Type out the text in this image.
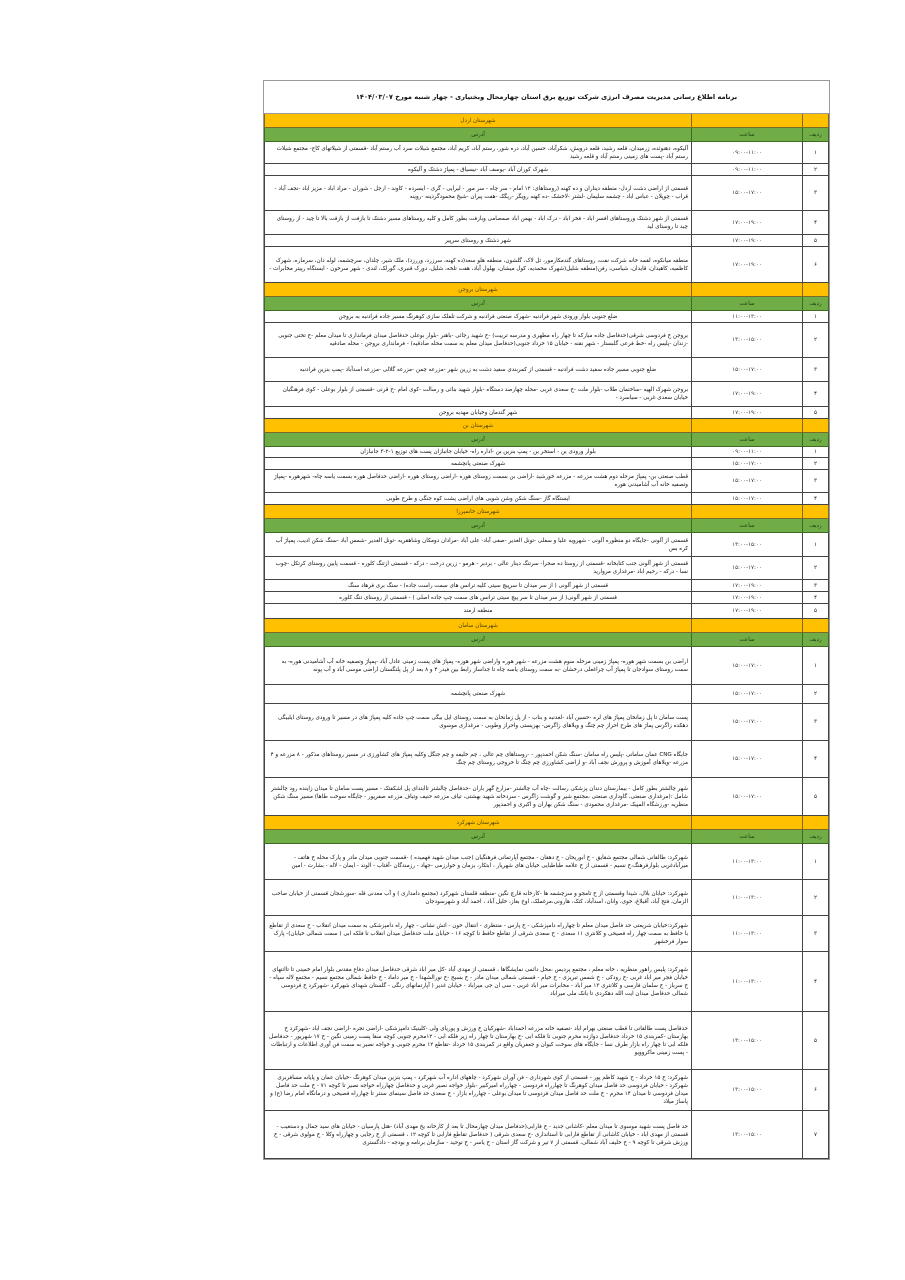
برنامه اطلاع رسانی مدیریت مصرف انرژی شرکت توزیع برق استان چهارمحال وبختیاری - چهار شنبه مورخ ۱۴۰۴/۰۳/۰۷		
		شهرستان اردل
ردیف	ساعت	آدرس
۱	۰۹:۰۰-۱۱:۰۰	آلیکوه، دهنوئده، زرمیدان، قلعه رشید، قلعه درویش، شکرآباد، حسین آباد، دره شور، رستم آباد، کریم آباد، مجتمع شیلات سرد آب رستم آباد -قسمتی از شیلاتهای کاج- مجتمع شیلات رستم آباد -پست های زمینی رستم آباد و قلعه رشید
۲	۰۹:۰۰-۱۱:۰۰	شهرک کوران آباد -یوسف آباد -نیسیاق - پمپاژ دشتک و آلیکوه
۳	۱۵:۰۰-۱۷:۰۰	قسمتی از اراضی دشت اردل- منطقه دیناران و ده کهنه (روستاهای: ۱۲ امام - سر چاه - سر مور - لیرایی - گری - ایسرده - کاوند - ارجل - شوران - مراد اباد - مزیز اباد -نجف آباد - قراب - چوپلان - عباس اباد - چشمه سلیمان -لشتر -لاخشک -ده کهنه رویگر -ریگک -هفت پیران -شیخ محمودگردینه -روینه
۴	۱۷:۰۰-۱۹:۰۰	قسمتی از شهر دشتک وروستاهای افسر اباد - فخر اباد - درک اباد - بهمن اباد صمصامی وبازفت بطور کامل و کلیه روستاهای مسیر دشتک تا بازفت از بازفت بالا تا چید - از روستای چید تا روستای لید
۵	۱۷:۰۰-۱۹:۰۰	شهر دشتک و روستای سرپیر
۶	۱۷:۰۰-۱۹:۰۰	منطقه میانکوه، لقمه خانه شرکت نفت، روستاهای گندمکارمور، تل لاک، گلشون، منطقه هلو سعد(ده کهنه، سرزرد، وررزد)، ملک شیر، چلدان، سرچشمه، لوله دان، سرماره، شهرک کاظمیه، کاهیدان، قایدان، شیاسی، رفن(منطقه شلیل(شهرک محمدیه، کول میشان، بهلول آباد، هفت تلخه، شلیل، دورک قنبری، گورلک، لندی - شهر سرخون - ایستگاه رپیتر مخابرات -
		شهرستان بروجن
ردیف	ساعت	آدرس
۱	۱۱:۰۰-۱۳:۰۰	ضلع جنوبی بلوار ورودی شهر فرادنبه -شهرک صنعتی فرادنبه و شرکت تلفلک سازی کوهرنگ مسیر جاده فرادنبه به بروجن
۲	۱۳:۰۰-۱۵:۰۰	بروجن خ فردوسی شرقی(حدفاصل جاده مبارکه تا چهار راه مطهری و مدرسه تربیت) -خ شهید رجائی -باهنر -بلوار بوعلی حدفاصل میدان فرمانداری تا میدان معلم -خ تختی جنوبی -زندان -پلیس راه -خط فرعی گلبستار - شهر نقنه - خیابان ۱۵ خرداد جنوبی(حدفاصل میدان معلم به سمت محله صادقیه) - فرمانداری بروجن - محله صادقیه
۳	۱۵:۰۰-۱۷:۰۰	ضلع جنوبی مسیر جاده سفید دشت فرادنبه - قسمتی از کمربندی سفید دشت به زرین شهر -مزرعه چمن -مزرعه گلالی -مزرعه اسدآباد -پمپ بنزین فرادنبه
۴	۱۷:۰۰-۱۹:۰۰	بروجن شهرک الهیه -ساختمان طلاب -بلوار ملت -خ سعدی غربی -محله چهارصد دستگاه -بلوار شهید بنائی و رسالت -کوی امام -خ قرنی -قسمتی از بلوار بوعلی - کوی فرهنگیان خیابان سعدی غربی - سیاسرد -
۵	۱۷:۰۰-۱۹:۰۰	شهر گندمان وخیابان مهدیه بروجن
		شهرستان بن
ردیف	ساعت	آدرس
۱	۰۹:۰۰-۱۱:۰۰	بلوار ورودی بن - استخر بن - پمپ بنزین بن -اداره راه- خیابان جانبازان پست های توزیع ۱-۲-۳ جانبازان
۲	۱۵:۰۰-۱۷:۰۰	شهرک صنعتی پانچشمه
۳	۱۵:۰۰-۱۷:۰۰	قطب صنعتی بن- پمپاژ مرحله دوم هشت مزرعه - مزرعه خورشید -اراضی بن بسمت روستای هوره -اراضی روستای هوره -اراضی حدفاصل هوره بسمت یاسه چاه- شهرهوره -پمپاژ وتصفیه خانه آب آشامیدنی هوره
۴	۱۵:۰۰-۱۷:۰۰	ایستگاه گاز -سنگ شکن وشن شویی های اراضی پشت کوه جنگی و طرح طوبی
		شهرستان خانمیرزا
ردیف	ساعت	آدرس
۱	۱۳:۰۰-۱۵:۰۰	قسمتی از آلونی -جایگاه دو منظوره آلونی - شهرویه علیا و سفلی -تونل الغدیر -صفی آباد- علی آباد -مرادان دومکان وشاهقریه -تونل الغدیر -شمس آباد -سنگ شکن ادیب، پمپاژ آب کره بس
۲	۱۵:۰۰-۱۷:۰۰	قسمتی از شهر آلونی جنب کتابخانه -قسمتی از روستا ده صحرا- سرتنگ دینار عالی - بردبر - هرمو - زرین درخت - درکه - قسمتی ازتنگ کلوره - قسمت پایین روستای کرتکل -چوب نسا - درکه - رحیم اباد -مرغداری مروارید
۳	۱۷:۰۰-۱۹:۰۰	قسمتی از شهر آلونی ( از سر میدان تا سرپیچ سیتی کلیه ترانس های سمت راست جاده) - سنگ بری فرهاد سنگ
۴	۱۷:۰۰-۱۹:۰۰	قسمتی از شهر آلونی( از سر میدان تا سر پیچ سیتی ترانس های سمت چپ جاده اصلی ) - قسمتی از روستای تنگ کلوره
۵	۱۷:۰۰-۱۹:۰۰	منطقه ارمند
		شهرستان سامان
ردیف	ساعت	آدرس
۱	۱۵:۰۰-۱۷:۰۰	اراضی بن بسمت شهر هوره- پمپاژ زمینی مرحله سوم هشت مزرعه - شهر هوره واراضی شهر هوره- پمپاژ های پست زمینی عادل آباد -پمپاژ وتصفیه خانه آب آشامیدنی هوره- به سمت روستای سوادجان تا پمپاژ آب چراغعلی درخشان -به سمت روستای یاسه چاه تا جداساز رابط بین فیدر ۴ و ۸ بعد از پل پلنگستان اراضی موسی آباد و آب پونه
۲	۱۵:۰۰-۱۷:۰۰	شهرک صنعتی پانچشمه
۳	۱۵:۰۰-۱۷:۰۰	پست سامان تا پل زمانخان پمپاژ های لره -حسین آباد -لغدنبه و بناب - از پل زمانخان به سمت روستای ایل بیگی سمت چپ جاده کلیه پمپاژ های در مسیر تا ورودی روستای ایلبیگی دهکده زاگرس پماژ های طرح احراز چم چنگ و ویلاهای زاگرس- بهزیستی واحراز وطوبی - مرغداری موسوی
۴	۱۵:۰۰-۱۷:۰۰	جایگاه CNG عمان سامانی -پلیس راه سامان -سنگ شکن احمدپور - -روستاهای چم عالی ، چم خلیفه و چم جنگل وکلیه پمپاژ های کشاورزی در مسیر روستاهای مذکور - ۸ مزرعه و ۴ مزرعه -ویلاهای آموزش و پرورش نجف آباد -و اراضی کشاورزی چم چنگ تا خروجی روستای چم چنگ
۵	۱۵:۰۰-۱۷:۰۰	شهر چالشتر بطور کامل - بیمارستان دندان پزشکی رسالت -چاه آب چالشتر -مزارع گهر باران -حدفاصل چالشتر تاابتدای پل اشکفتک - مسیر پست سامان تا میدان زاینده رود چالشتر شامل :(مرغداری صنعتی، گاوداری صنعتی ،مجتمع شیر و گوشت زاگرس - سردخانه شهید بهشتی، تیاف مزرعه حنیف وتیاف مزرعه صفرپور - جایگاه سوخت طاها) مسیر سنگ شکن منظریه -ورزشگاه المپیک -مرغداری محمودی - سنگ شکن بهاران و اکبری و احمدپور
		شهرستان شهرکرد
ردیف	ساعت	آدرس
۱	۱۱:۰۰-۱۳:۰۰	شهرکرد: طالقانی شمالی مجتمع شقایق - خ ابوریحان - خ دهقان - مجتمع آپارتمانی فرهنگیان (جنب میدان شهید فهمیده ) -قسمت جنوبی میدان مادر و پارک محله خ هاتف - میرآبادغربی بلوارفرهنگ،خ نسیم - قسمتی از خ علامه طباطبایی خیابان های شهریار ، ابتکار، بزمان و خوارزمی -جهاد - رزمندگان -آفتاب - الوند - ایمان - لاله - بشارت - امین
۲	۱۱:۰۰-۱۳:۰۰	شهرکرد: خیابان بلال، شیدا وقسمتی از خ تامجو و سرچشمه ها -کارخانه قارچ نگین -منطقه قلستان شهرکرد (مجتمع دامداری ) و آب معدنی قله -سورشجان قسمتی از خیابان صاحب الزمان، فتح آباد، آقبلاغ، خوی، وانان، اسدآباد، کتک، هارونی،مرغملک، اوج بغاز، خلیل آباد ، احمد آباد و شهرسودجان
۳	۱۱:۰۰-۱۳:۰۰	شهرکرد:خیابان شریعتی حد فاصل میدان معلم تا چهارراه دامپزشکی - خ پارس - منتظری - انتقال خون - اتش نشانی - چهار راه دامپزشکی به سمت میدان انقلاب - خ سعدی از تقاطع با حافظ به سمت چهار راه فصیحی و کلانتری ۱۱ سعدی - خ سعدی شرقی از تقاطع حافظ تا کوچه ۱۶ - خیابان ملت حدفاصل میدان انقلاب تا فلکه ابی ( سمت شمالی خیابان)- پارک سوار فرخشهر
۴	۱۱:۰۰-۱۳:۰۰	شهرکرد: پلیس راهور منظریه ، خانه معلم ، مجتمع پردیس ،محل دائمی نمایشگاها ، قسمتی از مهدی آباد -کل میر اباد شرقی حدفاصل میدان دفاع مقدس بلوار امام خمینی تا تاانتهای خیابان فجر میر اباد غربی -خ رودکی - خ شمس تبریزی - خ خیام - قسمتی شمالی میدان مادر - خ بسیج -خ نورالشهدا - خ میر داماد - خ حافظ شمالی مجتمع نسیم - مجتمع لاله سپاه - خ سرباز - خ سلمان فارسی و کلانتری ۱۳ میر اباد - مخابرات میر اباد غربی - سی ان جی میراباد - خیابان غدیر ( آپارتمانهای رنگی - گلستان شهدای شهرکرد -شهرکرد خ فردوسی شمالی حدفاصل میدان ایت الله دهکردی تا بانک ملی میراباد
۵	۱۳:۰۰-۱۵:۰۰	حدفاصل پست طالقانی تا قطب صنعتی بهرام اباد -تصفیه خانه مزرعه احمداباد -شهرکیان خ ورزش و پوریای ولی -کلینیک دامپزشکی -اراضی تجره -اراضی نجف اباد -شهرکرد خ بهارستان -کمربندی ۱۵ خرداد حدفاصل دوازده محرم جنوبی تا فلکه ابی -خ بهارستان تا چهار راه زیر فلکه ابی - ۱۲محرم جنوبی کوچه سقا پست زمینی نگین - خ ۱۷ شهریور - حدفاصل فلکه ابی تا چهار راه بازار طرف نسا - جایگاه های سوخت کیوان و جعفریان واقع در کمربندی ۱۵ خرداد -تقاطع ۱۲ محرم جنوبی و خواجه نصیر به سمت فن آوری اطلاعات و ارتباطات - پست زمینی ماکروویو
۶	۱۳:۰۰-۱۵:۰۰	شهرکرد: خ ۱۵ خرداد - خ شهید کاظم پور - قسمتی از کوی شهرداری - فن آوران شهرکرد - چاههای اداره آب شهرکرد - پمپ بنزین میدان کوهرنگ -خیابان عمان و پایانه مسافربری شهرکرد - خیابان فردوسی حد فاصل میدان کوهرنگ تا چهارراه فردوسی - چهارراه امیرکبیر -بلوار خواجه نصیر غربی و حدفاصل چهارراه خواجه نصیر تا کوچه ۷۱ - خ ملت حد فاصل میدان فردوسی تا میدان ۱۴ محرم - خ ملت حد فاصل میدان فردوسی تا میدان بوعلی - چهارراه بازار - خ سعدی حد فاصل سینمای سنتر تا چهارراه فصیحی و درمانگاه امام رضا (ع) و پاساژ میلاد
۷	۱۳:۰۰-۱۵:۰۰	حد فاصل پست شهید موسوی تا میدان معلم -کاشانی جدید - خ فارابی(حدفاصل میدان چهارمحال تا بعد از کارخانه یخ مهدی آباد) -هتل پارسیان - خیابان های سید جمال و دستغیب - قسمتی از مهدی اباد - خیابان کاشانی از تقاطع فارابی تا استانداری -خ سعدی شرقی ( حدفاصل تقاطع فارابی تا کوچه ۱۲ ، قسمتی از خ رجایی و چهارراه وکلا - خ مولوی شرقی - خ ورزش شرقی تا کوچه ۹ - خ خلیف آباد شمالی، قسمتی از ۷ تیر و شرکت گاز استان - خ یاسر - خ توحید - سازمان برنامه و بودجه - دادگستری
